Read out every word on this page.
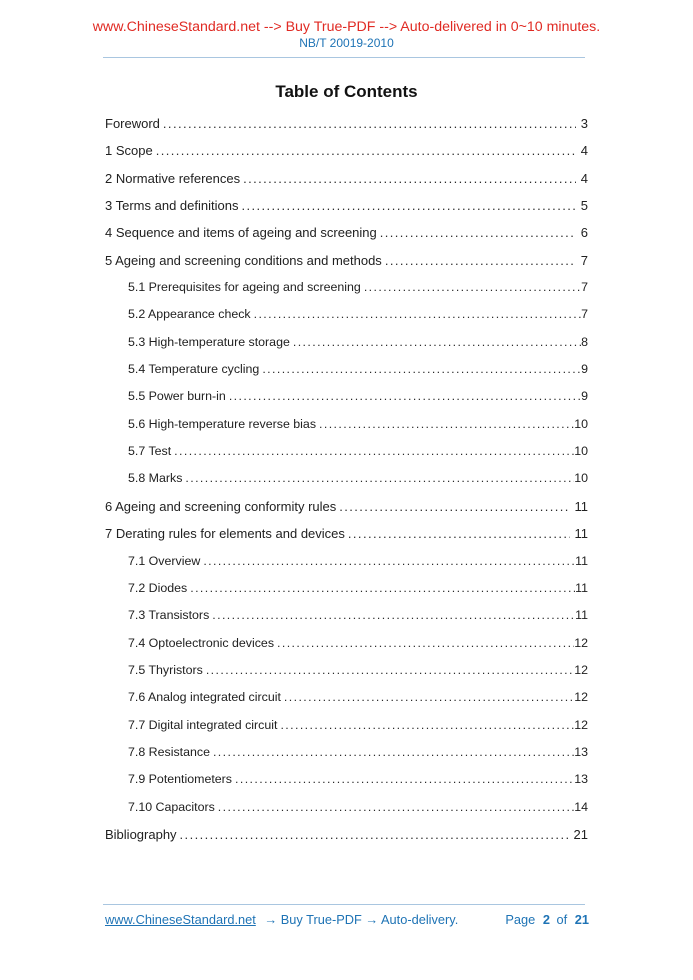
www.ChineseStandard.net --> Buy True-PDF --> Auto-delivered in 0~10 minutes.
NB/T 20019-2010
Table of Contents
Foreword .....	3
1 Scope .....	4
2 Normative references .....	4
3 Terms and definitions .....	5
4 Sequence and items of ageing and screening .....	6
5 Ageing and screening conditions and methods .....	7
5.1 Prerequisites for ageing and screening .....	7
5.2 Appearance check .....	7
5.3 High-temperature storage .....	8
5.4 Temperature cycling .....	9
5.5 Power burn-in .....	9
5.6 High-temperature reverse bias .....	10
5.7 Test .....	10
5.8 Marks .....	10
6 Ageing and screening conformity rules .....	11
7 Derating rules for elements and devices .....	11
7.1 Overview .....	11
7.2 Diodes .....	11
7.3 Transistors .....	11
7.4 Optoelectronic devices .....	12
7.5 Thyristors .....	12
7.6 Analog integrated circuit .....	12
7.7 Digital integrated circuit .....	12
7.8 Resistance .....	13
7.9 Potentiometers .....	13
7.10 Capacitors .....	14
Bibliography .....	21
www.ChineseStandard.net → Buy True-PDF → Auto-delivery.	Page 2 of 21
